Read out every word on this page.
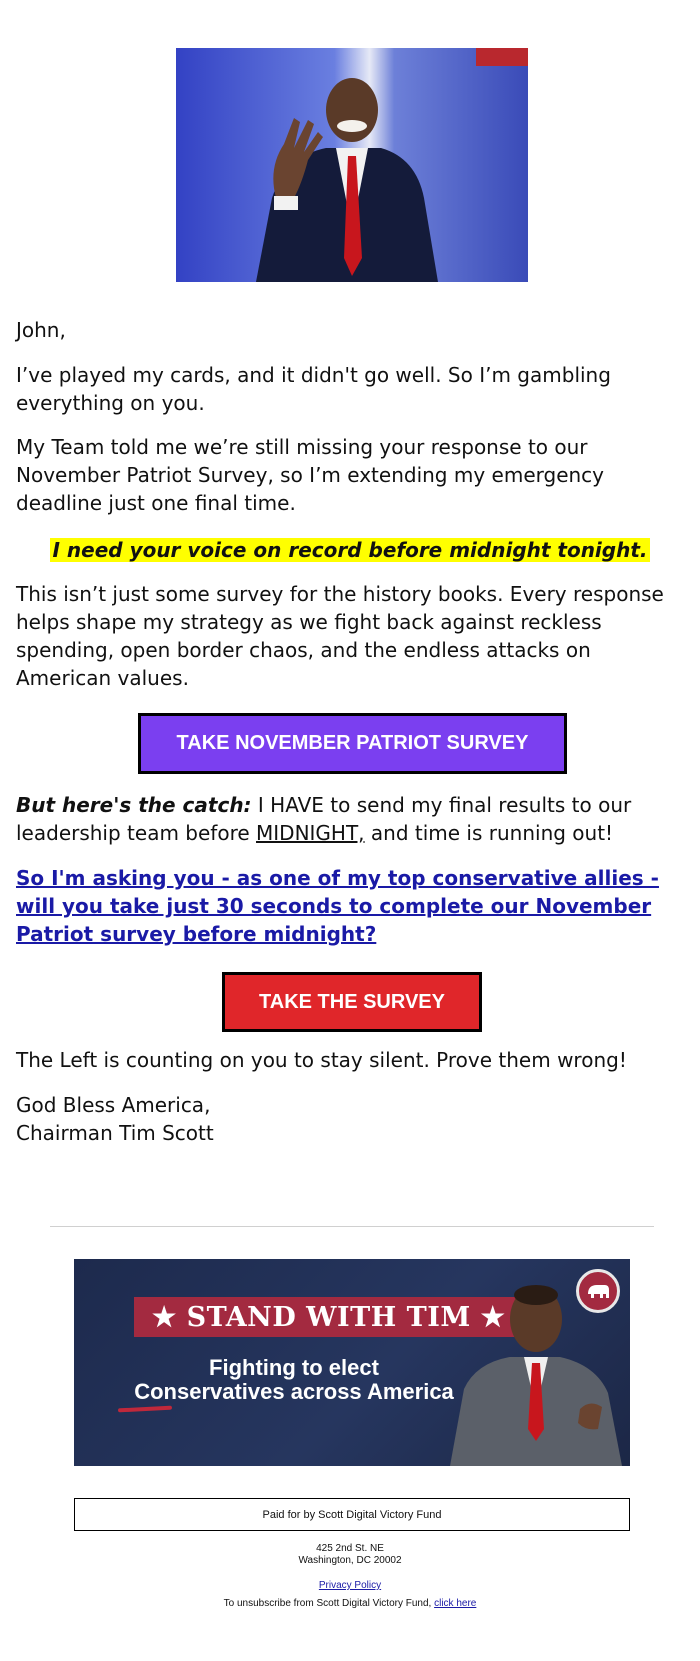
John,

I’ve played my cards, and it didn't go well. So I’m gambling everything on you.

My Team told me we’re still missing your response to our November Patriot Survey, so I’m extending my emergency deadline just one final time.

I need your voice on record before midnight tonight.

This isn’t just some survey for the history books. Every response helps shape my strategy as we fight back against reckless spending, open border chaos, and the endless attacks on American values.

TAKE NOVEMBER PATRIOT SURVEY

But here's the catch: I HAVE to send my final results to our leadership team before MIDNIGHT, and time is running out!

So I'm asking you - as one of my top conservative allies - will you take just 30 seconds to complete our November Patriot survey before midnight?

TAKE THE SURVEY

The Left is counting on you to stay silent. Prove them wrong!

God Bless America,

Chairman Tim Scott

★ STAND WITH TIM ★
Fighting to elect
Conservatives across America
Paid for by Scott Digital Victory Fund
425 2nd St. NE
Washington, DC 20002
Privacy Policy
To unsubscribe from Scott Digital Victory Fund, click here
